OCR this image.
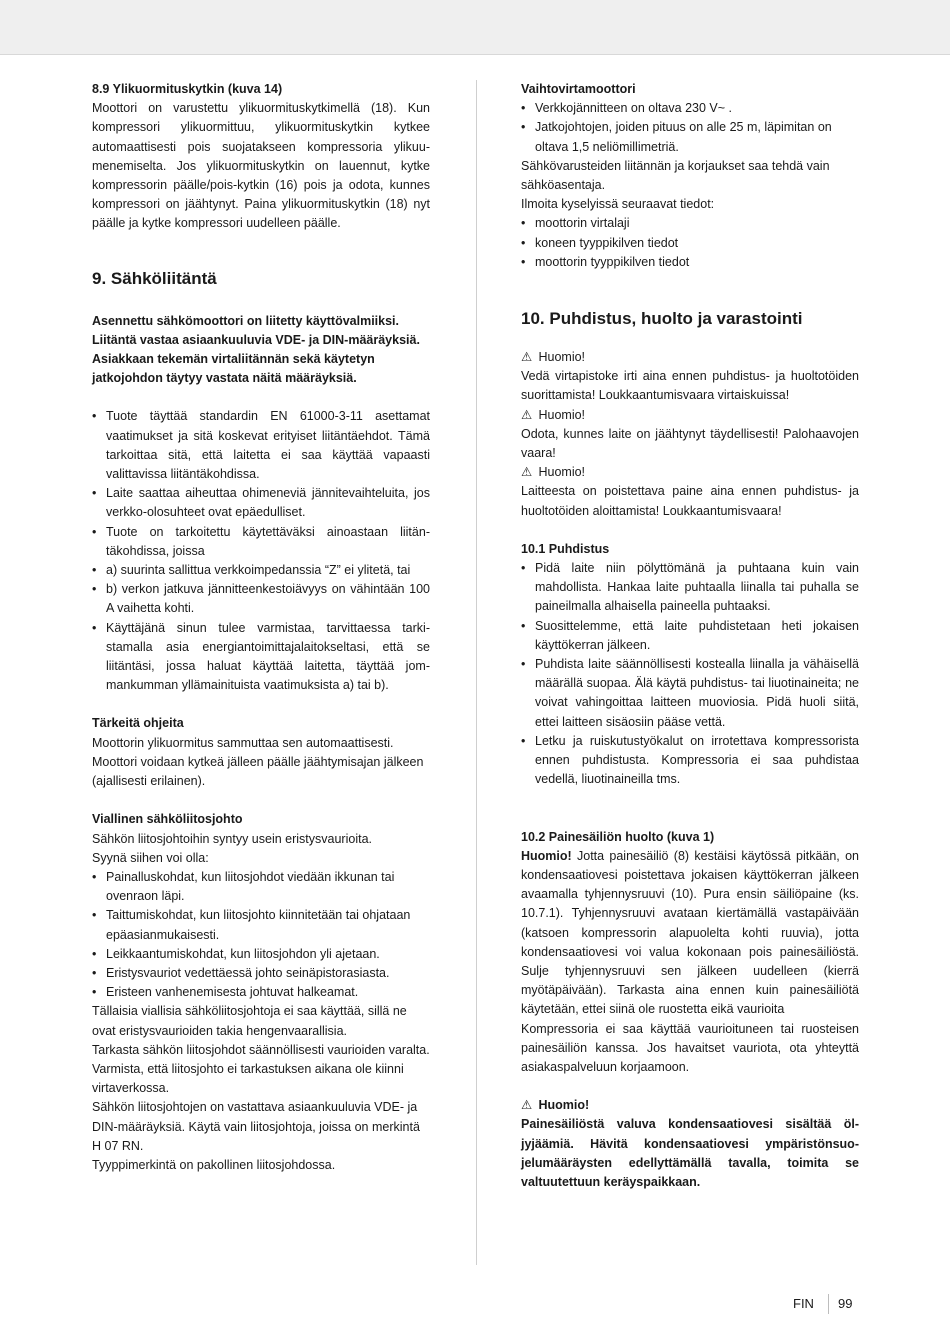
8.9 Ylikuormituskytkin (kuva 14)

Moottori on varustettu ylikuormituskytkimellä (18). Kun kompressori ylikuormittuu, ylikuormituskytkin kytkee automaattisesti pois suojatakseen kompressoria ylikuumenemiselta. Jos ylikuormituskytkin on lauennut, kytke kompressorin päälle/pois-kytkin (16) pois ja odota, kunnes kompressori on jäähtynyt. Paina ylikuormituskytkin (18) nyt päälle ja kytke kompressori uudelleen päälle.

9. Sähköliitäntä

Asennettu sähkömoottori on liitetty käyttövalmiiksi. Liitäntä vastaa asiaankuuluvia VDE- ja DIN-määräyksiä. Asiakkaan tekemän virtaliitännän sekä käytetyn jatkojohdon täytyy vastata näitä määräyksiä.

• Tuote täyttää standardin EN 61000-3-11 asettamat vaatimukset ja sitä koskevat erityiset liitäntäehdot. Tämä tarkoittaa sitä, että laitetta ei saa käyttää vapaasti valittavissa liitäntäkohdissa.

• Laite saattaa aiheuttaa ohimeneviä jännitevaihteluita, jos verkko-olosuhteet ovat epäedulliset.

• Tuote on tarkoitettu käytettäväksi ainoastaan liitäntäkohdissa, joissa

• a) suurinta sallittua verkkoimpedanssia “Z” ei ylitetä, tai

• b) verkon jatkuva jännitteenkestoiävyys on vähintään 100 A vaihetta kohti.

• Käyttäjänä sinun tulee varmistaa, tarvittaessa tarkistamalla asia energiantoimittajalaitokseltasi, että se liitäntäsi, jossa haluat käyttää laitetta, täyttää jommankumman yllämainituista vaatimuksista a) tai b).

Tärkeitä ohjeita

Moottorin ylikuormitus sammuttaa sen automaattisesti.

Moottori voidaan kytkeä jälleen päälle jäähtymisajan jälkeen (ajallisesti erilainen).

Viallinen sähköliitosjohto

Sähkön liitosjohtoihin syntyy usein eristysvaurioita.

Syynä siihen voi olla:

• Painalluskohdat, kun liitosjohdot viedään ikkunan tai ovenraon läpi.

• Taittumiskohdat, kun liitosjohto kiinnitetään tai ohjataan epäasianmukaisesti.

• Leikkaantumiskohdat, kun liitosjohdon yli ajetaan.

• Eristysvauriot vedettäessä johto seinäpistorasiasta.

• Eristeen vanhenemisesta johtuvat halkeamat.

Tällaisia viallisia sähköliitosjohtoja ei saa käyttää, sillä ne ovat eristysvaurioiden takia hengenvaarallisia.

Tarkasta sähkön liitosjohdot säännöllisesti vaurioiden varalta. Varmista, että liitosjohto ei tarkastuksen aikana ole kiinni virtaverkossa.

Sähkön liitosjohtojen on vastattava asiaankuuluvia VDE- ja DIN-määräyksiä. Käytä vain liitosjohtoja, joissa on merkintä H 07 RN.

Tyyppimerkintä on pakollinen liitosjohdossa.

Vaihtovirtamoottori

• Verkkojännitteen on oltava 230 V~ .

• Jatkojohtojen, joiden pituus on alle 25 m, läpimitan on oltava 1,5 neliömillimetriä.

Sähkövarusteiden liitännän ja korjaukset saa tehdä vain sähköasentaja.

Ilmoita kyselyissä seuraavat tiedot:

• moottorin virtalaji

• koneen tyyppikilven tiedot

• moottorin tyyppikilven tiedot

10. Puhdistus, huolto ja varastointi

⚠ Huomio!

Vedä virtapistoke irti aina ennen puhdistus- ja huoltotöiden suorittamista! Loukkaantumisvaara virtaiskuissa!

⚠ Huomio!

Odota, kunnes laite on jäähtynyt täydellisesti! Palohaavojen vaara!

⚠ Huomio!

Laitteesta on poistettava paine aina ennen puhdistus- ja huoltotöiden aloittamista! Loukkaantumisvaara!

10.1 Puhdistus

• Pidä laite niin pölyttömänä ja puhtaana kuin vain mahdollista. Hankaa laite puhtaalla liinalla tai puhalla se paineilmalla alhaisella paineella puhtaaksi.

• Suosittelemme, että laite puhdistetaan heti jokaisen käyttökerran jälkeen.

• Puhdista laite säännöllisesti kostealla liinalla ja vähäisellä määrällä suopaa. Älä käytä puhdistus- tai liuotinaineita; ne voivat vahingoittaa laitteen muoviosia. Pidä huoli siitä, ettei laitteen sisäosiin pääse vettä.

• Letku ja ruiskutustyökalut on irrotettava kompressorista ennen puhdistusta. Kompressoria ei saa puhdistaa vedellä, liuotinaineilla tms.

10.2 Painesäiliön huolto (kuva 1)

Huomio! Jotta painesäiliö (8) kestäisi käytössä pitkään, on kondensaatiovesi poistettava jokaisen käyttökerran jälkeen avaamalla tyhjennysruuvi (10). Pura ensin säiliöpaine (ks. 10.7.1). Tyhjennysruuvi avataan kiertämällä vastapäivään (katsoen kompressorin alapuolelta kohti ruuvia), jotta kondensaatiovesi voi valua kokonaan pois painesäiliöstä. Sulje tyhjennysruuvi sen jälkeen uudelleen (kierrä myötäpäivään). Tarkasta aina ennen kuin painesäiliötä käytetään, ettei siinä ole ruostetta eikä vaurioita

Kompressoria ei saa käyttää vaurioituneen tai ruosteisen painesäiliön kanssa. Jos havaitset vauriota, ota yhteyttä asiakaspalveluun korjaamoon.

⚠ Huomio!

Painesäiliöstä valuva kondensaatiovesi sisältää öljyjäämiä. Hävitä kondensaatiovesi ympäristönsuojelumääräysten edellyttämällä tavalla, toimita se valtuutettuun keräyspaikkaan.

FIN 99
